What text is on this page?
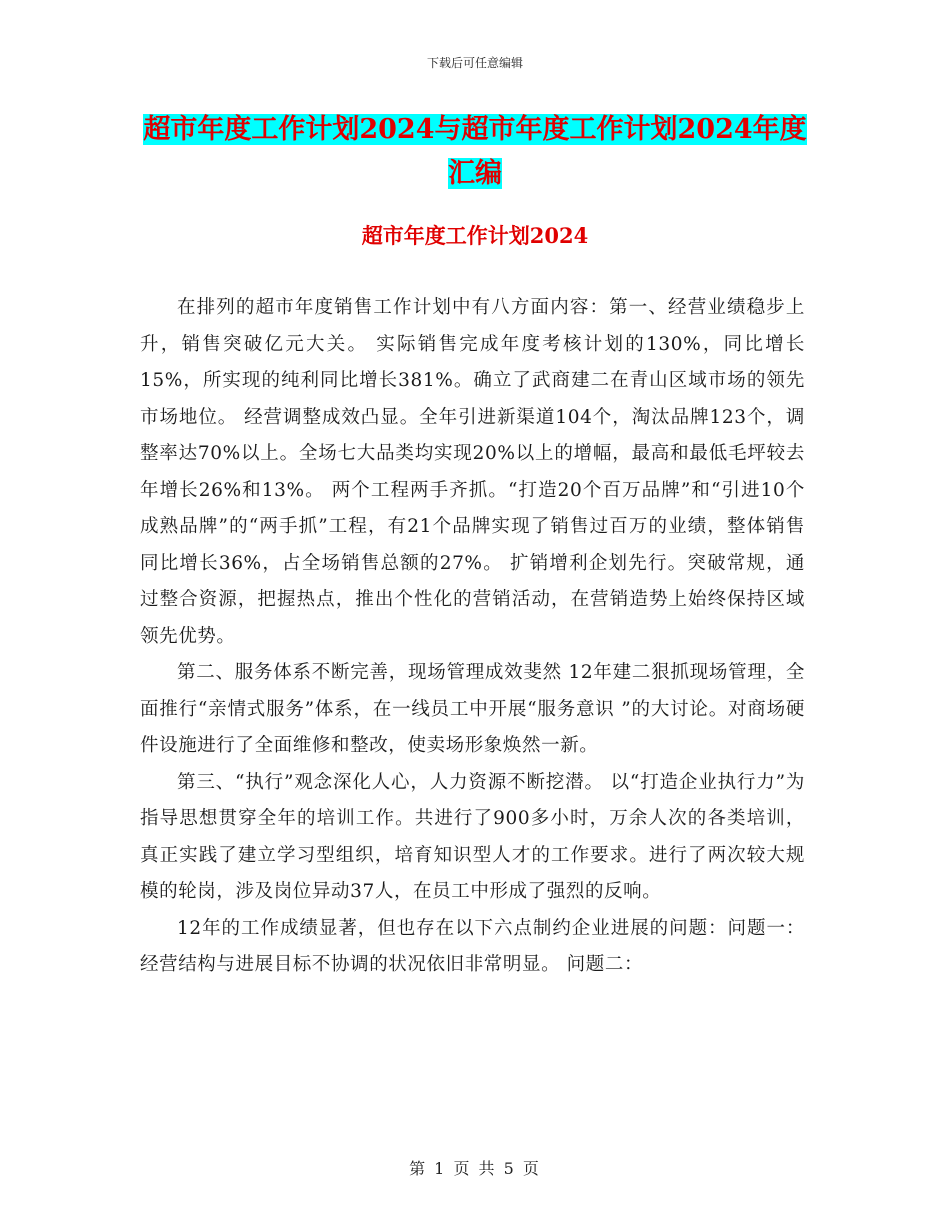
下载后可任意编辑
超市年度工作计划2024与超市年度工作计划2024年度汇编
超市年度工作计划2024

在排列的超市年度销售工作计划中有八方面内容：第一、经营业绩稳步上升，销售突破亿元大关。 实际销售完成年度考核计划的130%，同比增长15%，所实现的纯利同比增长381%。确立了武商建二在青山区域市场的领先市场地位。 经营调整成效凸显。全年引进新渠道104个，淘汰品牌123个，调整率达70%以上。全场七大品类均实现20%以上的增幅，最高和最低毛坪较去年增长26%和13%。 两个工程两手齐抓。“打造20个百万品牌”和“引进10个成熟品牌”的“两手抓”工程，有21个品牌实现了销售过百万的业绩，整体销售同比增长36%，占全场销售总额的27%。 扩销增利企划先行。突破常规，通过整合资源，把握热点，推出个性化的营销活动，在营销造势上始终保持区域领先优势。

第二、服务体系不断完善，现场管理成效斐然 12年建二狠抓现场管理，全面推行“亲情式服务”体系，在一线员工中开展“服务意识 ”的大讨论。对商场硬件设施进行了全面维修和整改，使卖场形象焕然一新。

第三、“执行”观念深化人心，人力资源不断挖潜。 以“打造企业执行力”为指导思想贯穿全年的培训工作。共进行了900多小时，万余人次的各类培训，真正实践了建立学习型组织，培育知识型人才的工作要求。进行了两次较大规模的轮岗，涉及岗位异动37人，在员工中形成了强烈的反响。

12年的工作成绩显著，但也存在以下六点制约企业进展的问题：问题一：经营结构与进展目标不协调的状况依旧非常明显。 问题二：

第 1 页 共 5 页
